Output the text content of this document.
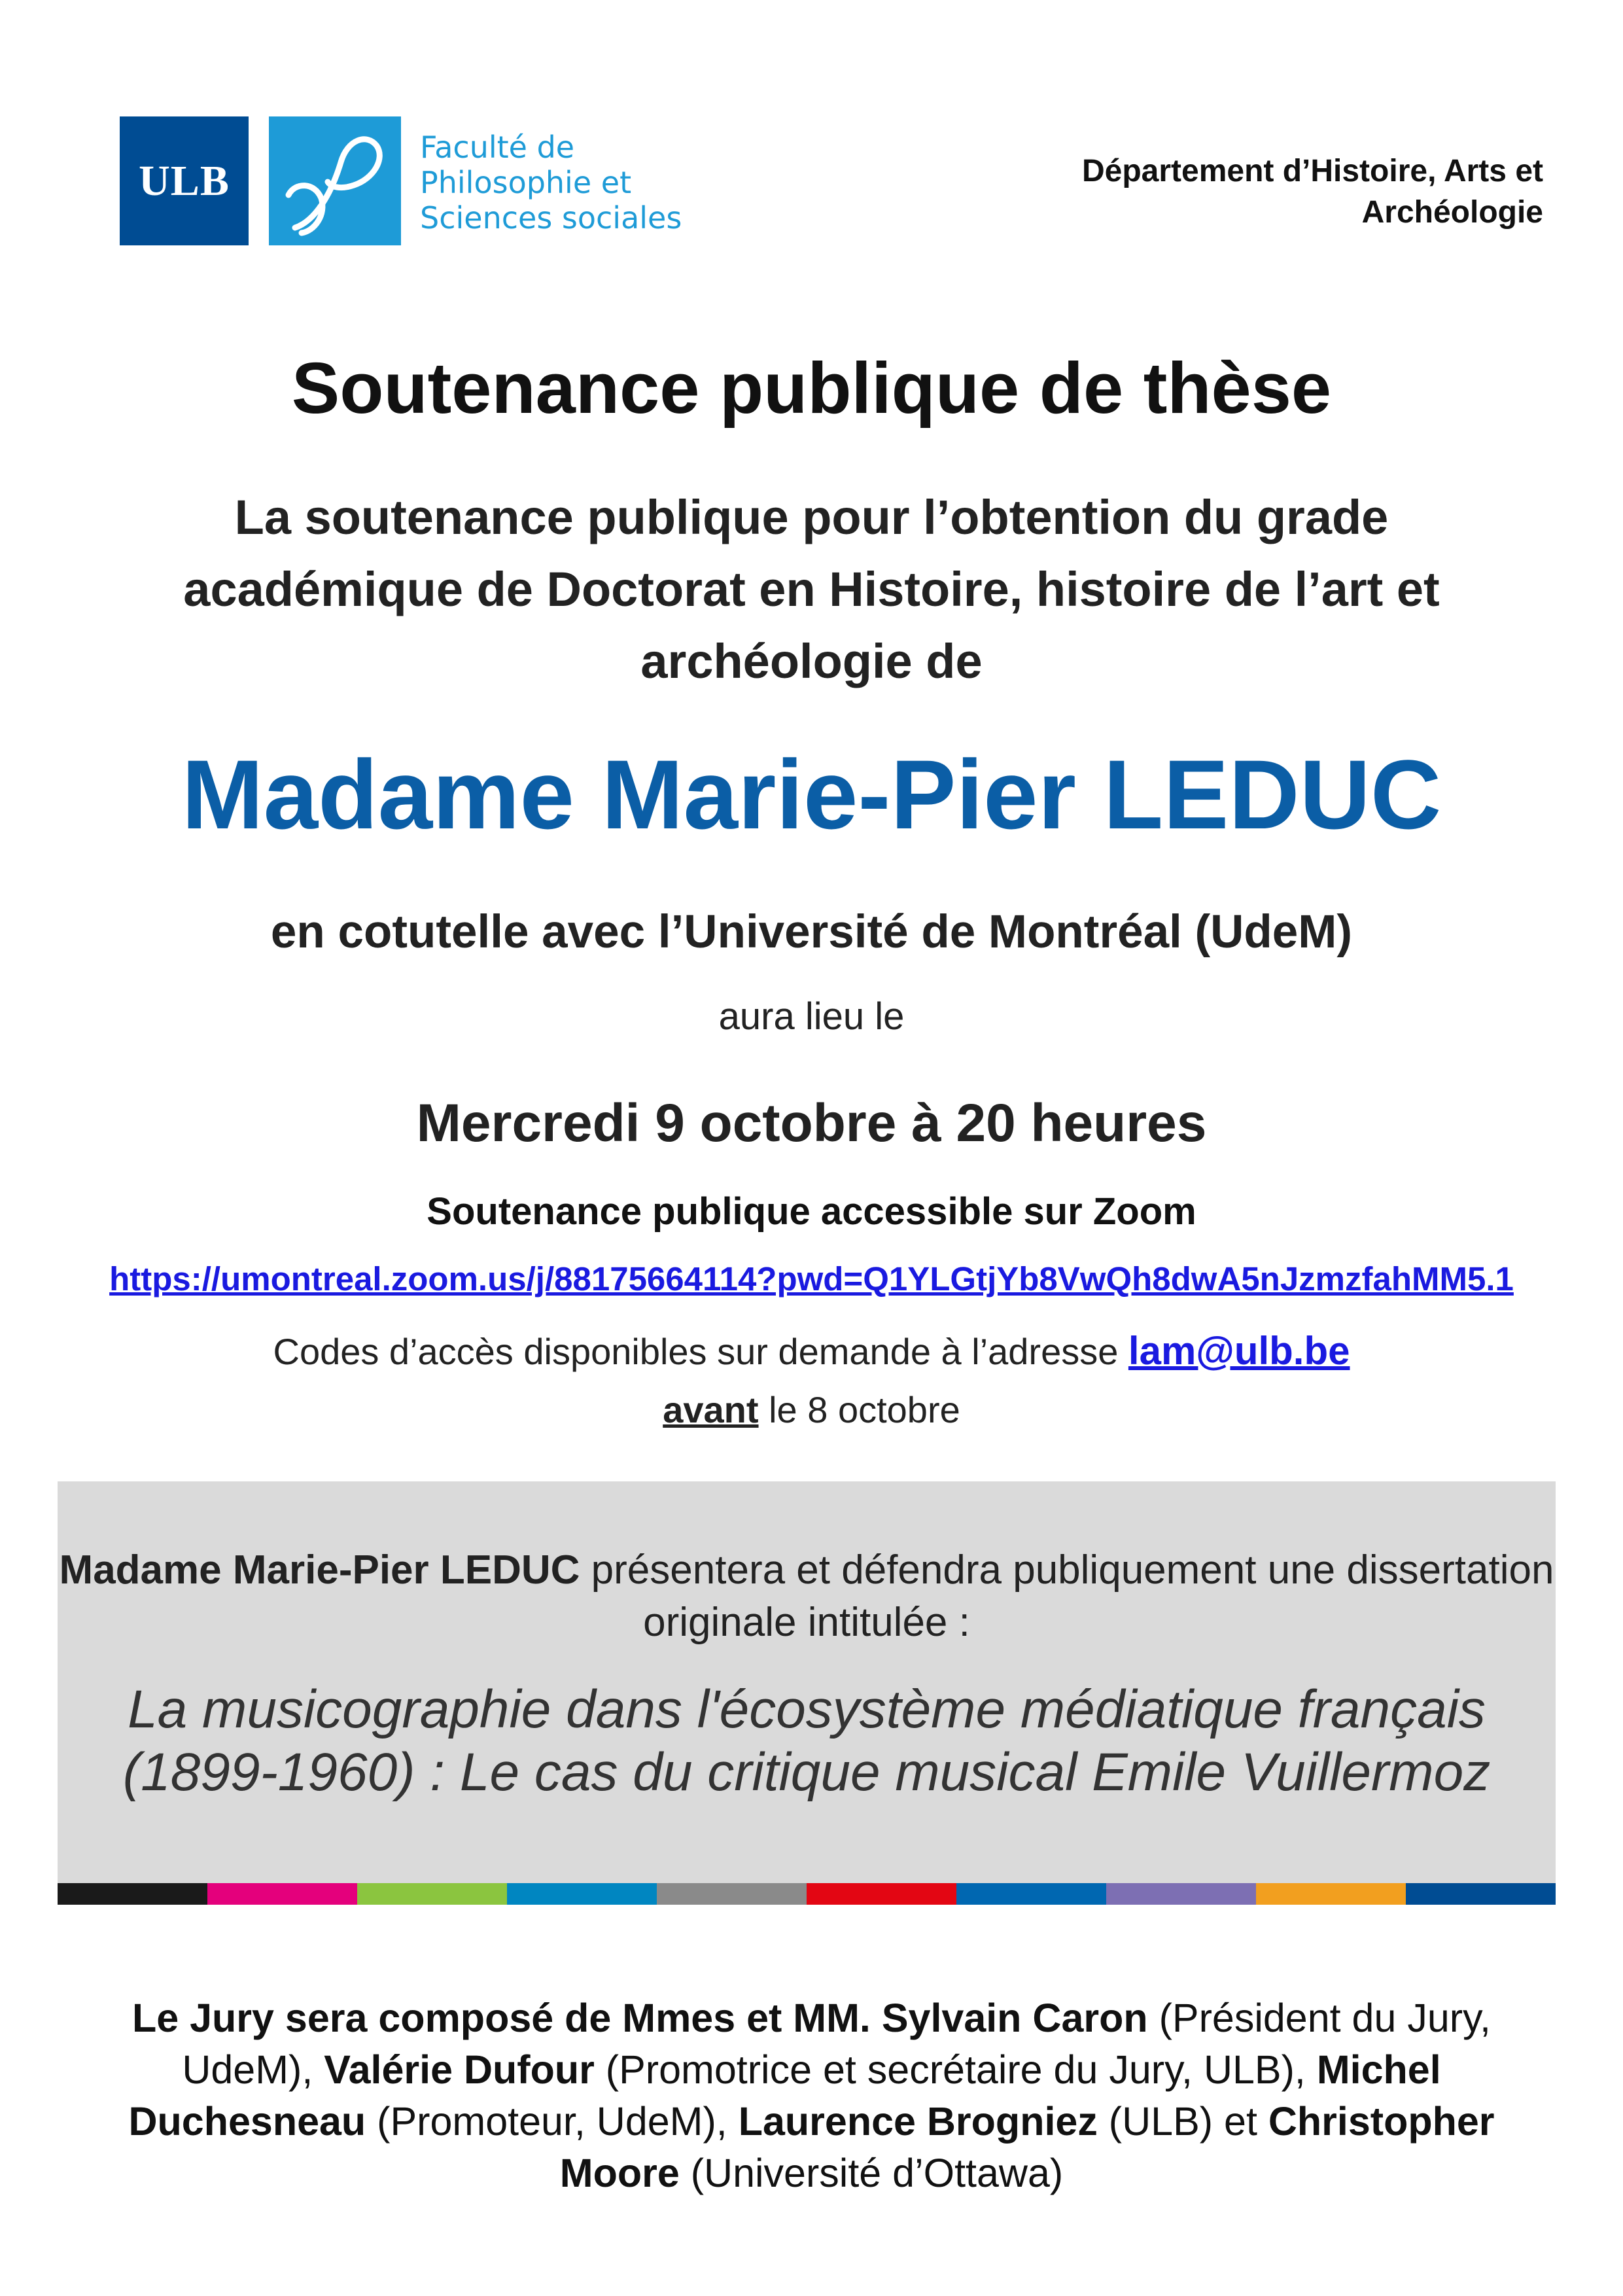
ULB
Faculté de
Philosophie et
Sciences sociales
Département d’Histoire, Arts et
Archéologie
Soutenance publique de thèse
La soutenance publique pour l’obtention du grade académique de Doctorat en Histoire, histoire de l’art et archéologie de
Madame Marie-Pier LEDUC
en cotutelle avec l’Université de Montréal (UdeM)
aura lieu le
Mercredi 9 octobre à 20 heures
Soutenance publique accessible sur Zoom
https://umontreal.zoom.us/j/88175664114?pwd=Q1YLGtjYb8VwQh8dwA5nJzmzfahMM5.1
Codes d’accès disponibles sur demande à l’adresse lam@ulb.be
avant le 8 octobre
Madame Marie-Pier LEDUC présentera et défendra publiquement une dissertation originale intitulée :
La musicographie dans l'écosystème médiatique français
(1899-1960) : Le cas du critique musical Emile Vuillermoz
Le Jury sera composé de Mmes et MM. Sylvain Caron (Président du Jury, UdeM), Valérie Dufour (Promotrice et secrétaire du Jury, ULB), Michel Duchesneau (Promoteur, UdeM), Laurence Brogniez (ULB) et Christopher Moore (Université d’Ottawa)
